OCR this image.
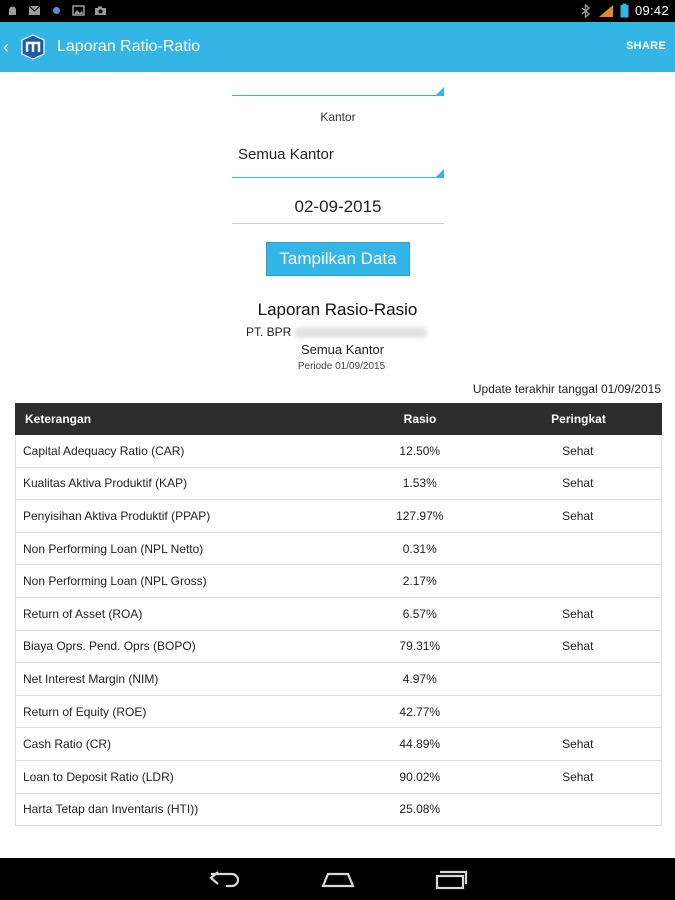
09:42
‹	Laporan Ratio-Ratio	SHARE
Kantor
Semua Kantor
02-09-2015
Tampilkan Data
Laporan Rasio-Rasio
PT. BPR
Semua Kantor
Periode 01/09/2015
Update terakhir tanggal 01/09/2015
Keterangan	Rasio	Peringkat
Capital Adequacy Ratio (CAR)	12.50%	Sehat
Kualitas Aktiva Produktif (KAP)	1.53%	Sehat
Penyisihan Aktiva Produktif (PPAP)	127.97%	Sehat
Non Performing Loan (NPL Netto)	0.31%
Non Performing Loan (NPL Gross)	2.17%
Return of Asset (ROA)	6.57%	Sehat
Biaya Oprs. Pend. Oprs (BOPO)	79.31%	Sehat
Net Interest Margin (NIM)	4.97%
Return of Equity (ROE)	42.77%
Cash Ratio (CR)	44.89%	Sehat
Loan to Deposit Ratio (LDR)	90.02%	Sehat
Harta Tetap dan Inventaris (HTI))	25.08%
